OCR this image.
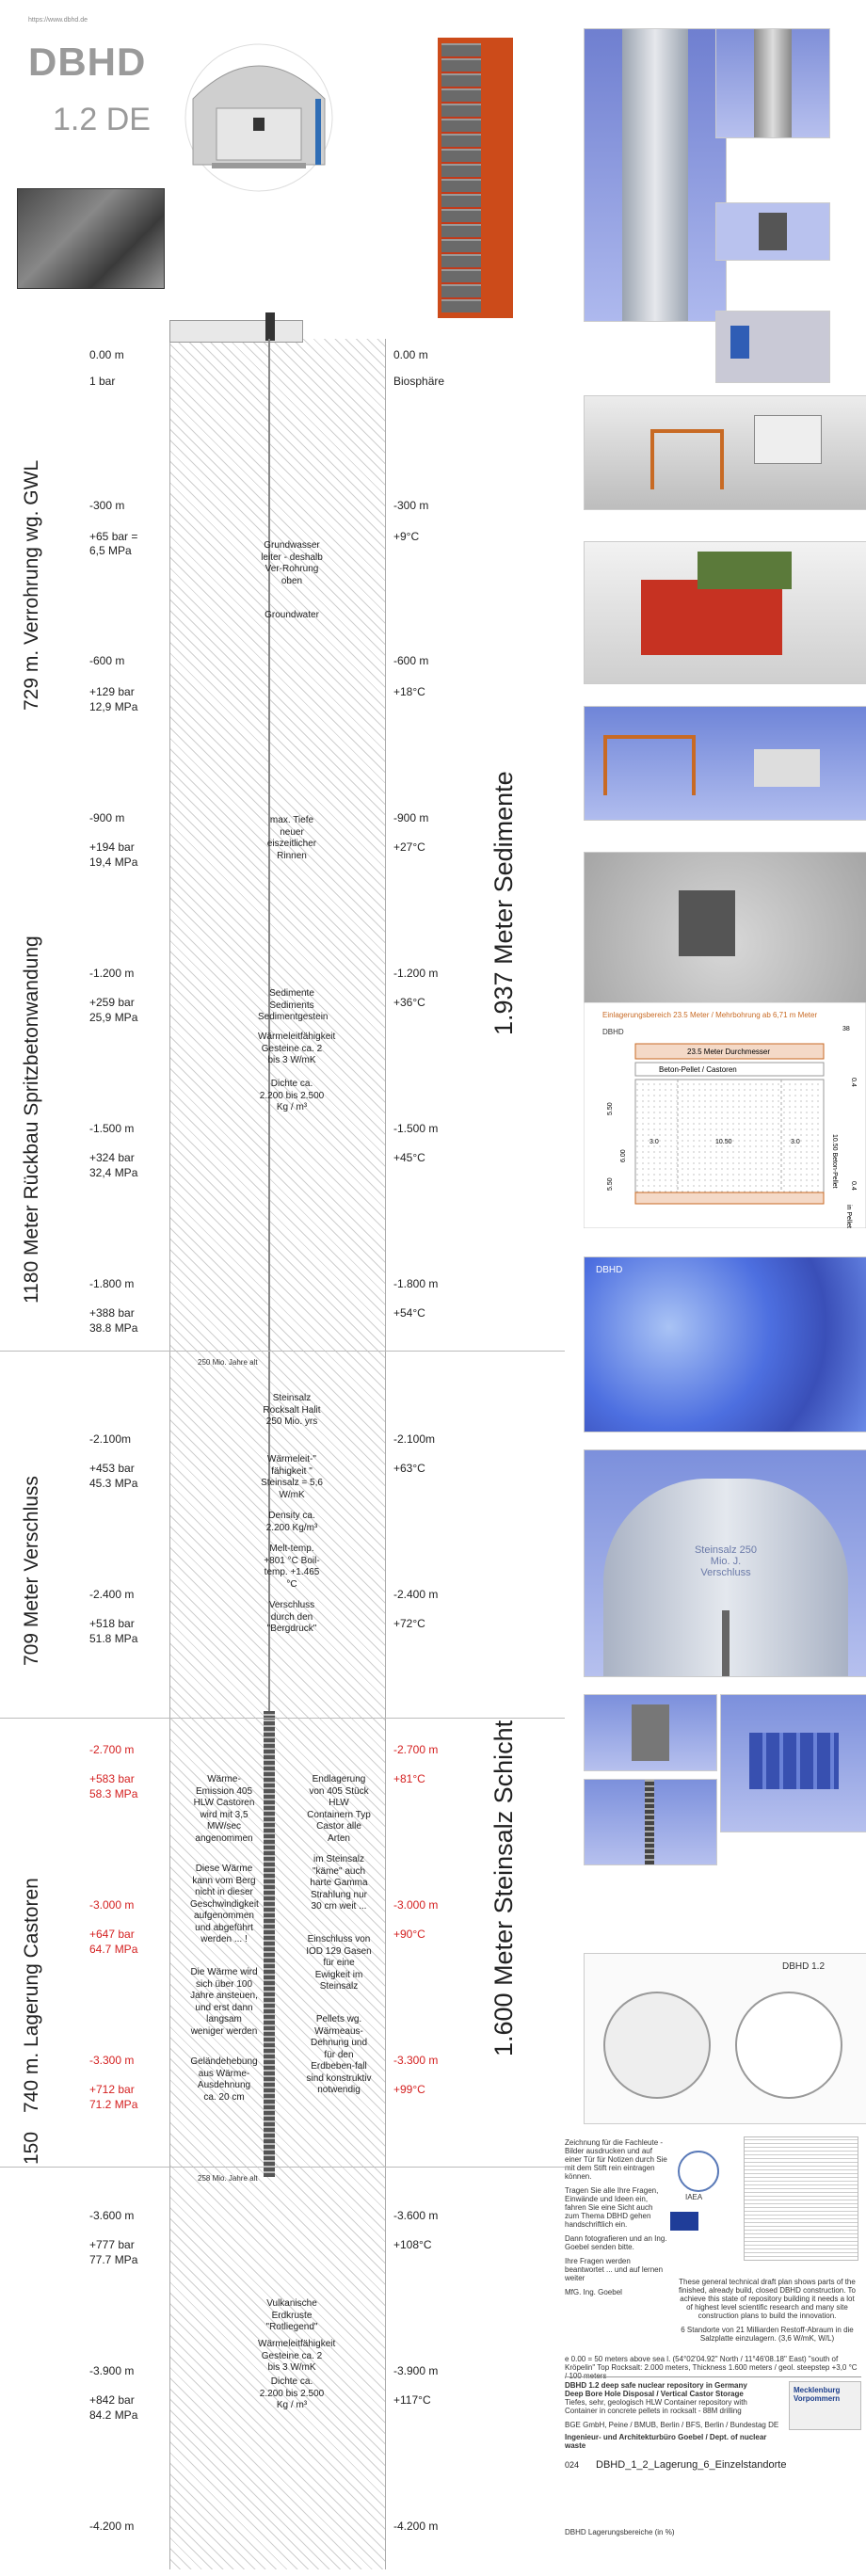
https://www.dbhd.de
DBHD
1.2 DE
DBHD Materialien
729 m. Verrohrung wg. GWL
1180 Meter Rückbau Spritzbetonwandung
709 Meter Verschluss
740 m. Lagerung Castoren
150
1.937 Meter Sedimente
1.600 Meter Steinsalz Schicht
0.00 m	0.00 m
1 bar	Biosphäre
-300 m	-300 m
+65 bar =	+9°C
6,5 MPa
-600 m	-600 m
+129 bar	+18°C
12,9 MPa
-900 m	-900 m
+194 bar	+27°C
19,4 MPa
-1.200 m	-1.200 m
+259 bar	+36°C
25,9 MPa
-1.500 m	-1.500 m
+324 bar	+45°C
32,4 MPa
-1.800 m	-1.800 m
+388 bar	+54°C
38.8 MPa
-2.100m	-2.100m
+453 bar	+63°C
45.3 MPa
-2.400 m	-2.400 m
+518 bar	+72°C
51.8 MPa
-2.700 m	-2.700 m
+583 bar	+81°C
58.3 MPa
-3.000 m	-3.000 m
+647 bar	+90°C
64.7 MPa
-3.300 m	-3.300 m
+712 bar	+99°C
71.2 MPa
-3.600 m	-3.600 m
+777 bar	+108°C
77.7 MPa
-3.900 m	-3.900 m
+842 bar	+117°C
84.2 MPa
-4.200 m	-4.200 m
Grundwasser leiter - deshalb Ver-Rohrung oben
Groundwater
max. Tiefe neuer eiszeitlicher Rinnen
Sedimente Sediments Sedimentgestein
Wärmeleitfähigkeit Gesteine ca. 2 bis 3 W/mK
Dichte ca. 2.200 bis 2.500 Kg / m³
Steinsalz Rocksalt Halit 250 Mio. yrs
Wärmeleit-" fähigkeit " Steinsalz = 5,6 W/mK
Density ca. 2.200 Kg/m³
Melt-temp. +801 °C Boil-temp. +1.465 °C
Verschluss durch den "Bergdruck"
Endlagerung von 405 Stück HLW Containern Typ Castor alle Arten
im Steinsalz "käme" auch harte Gamma Strahlung nur 30 cm weit ...
Einschluss von IOD 129 Gasen für eine Ewigkeit im Steinsalz
Pellets wg. Wärmeaus-Dehnung und für den Erdbeben-fall sind konstruktiv notwendig
Wärme-Emission 405 HLW Castoren wird mit 3,5 MW/sec angenommen
Diese Wärme kann vom Berg nicht in dieser Geschwindigkeit aufgenommen und abgeführt werden ... !
Die Wärme wird sich über 100 Jahre ansteuen, und erst dann langsam weniger werden
Geländehebung aus Wärme-Ausdehnung ca. 20 cm
Vulkanische Erdkruste "Rotliegend"
Wärmeleitfähigkeit Gesteine ca. 2 bis 3 W/mK
Dichte ca. 2.200 bis 2.500 Kg / m³
250 Mio. Jahre alt
258 Mio. Jahre alt
Einlagerungsbereich 23.5 Meter / Mehrbohrung ab 6,71 m Meter
DBHD
23.5 Meter Durchmesser
Beton-Pellet / Castoren
3.0	10.50	3.0
38
10.50 Beton-Pellet
0.4
0.4
in Pellet
5.50
6.00
5.50
DBHD
Steinsalz 250 Mio. J. Verschluss
DBHD 1.2

Zeichnung für die Fachleute - Bilder ausdrucken und auf einer Tür für Notizen durch Sie mit dem Stift rein eintragen können.

Tragen Sie alle Ihre Fragen, Einwände und Ideen ein, fahren Sie eine Sicht auch zum Thema DBHD gehen handschriftlich ein.

Dann fotografieren und an Ing. Goebel senden bitte.

Ihre Fragen werden beantwortet ... und auf lernen weiter

MfG. Ing. Goebel

IAEA

These general technical draft plan shows parts of the finished, already build, closed DBHD construction. To achieve this state of repository building it needs a lot of highest level scientific research and many site construction plans to build the innovation.

6 Standorte von 21 Milliarden Restoff-Abraum in die Salzplatte einzulagern. (3,6 W/mK, W/L)

e 0.00 = 50 meters above sea l. (54°02'04.92" North / 11°46'08.18" East) "south of Kröpelin" Top Rocksalt: 2.000 meters, Thickness 1.600 meters / geol. steepstep +3,0 °C / 100 meters
DBHD 1.2 deep safe nuclear repository in Germany
Deep Bore Hole Disposal / Vertical Castor Storage
Tiefes, sehr, geologisch HLW Container repository with Container in concrete pellets in rocksalt - 88M drilling
BGE GmbH, Peine / BMUB, Berlin / BFS, Berlin / Bundestag DE
Ingenieur- und Architekturbüro Goebel / Dept. of nuclear waste
024 DBHD_1_2_Lagerung_6_Einzelstandorte
Mecklenburg Vorpommern
DBHD Lagerungsbereiche (in %)
